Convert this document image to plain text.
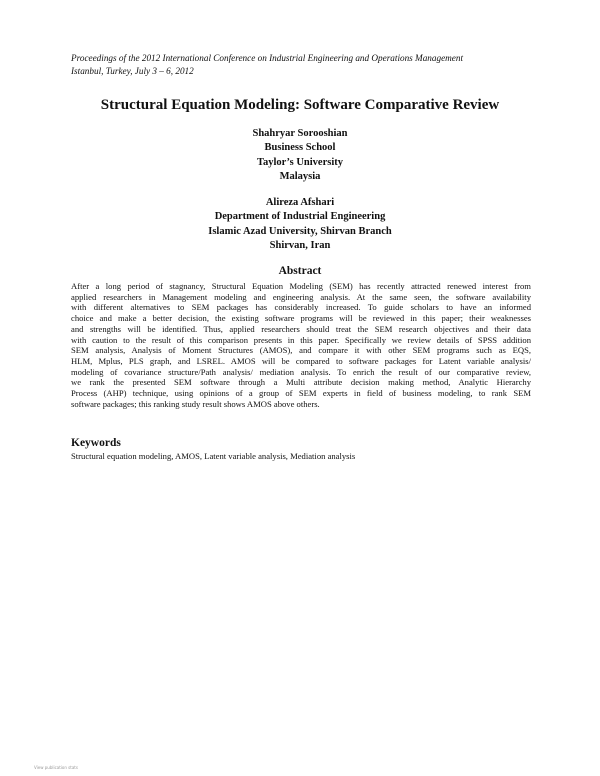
Proceedings of the 2012 International Conference on Industrial Engineering and Operations Management
Istanbul, Turkey, July 3 – 6, 2012
Structural Equation Modeling: Software Comparative Review
Shahryar Sorooshian
Business School
Taylor’s University
Malaysia
Alireza Afshari
Department of Industrial Engineering
Islamic Azad University, Shirvan Branch
Shirvan, Iran
Abstract
After a long period of stagnancy, Structural Equation Modeling (SEM) has recently attracted renewed interest from
applied researchers in Management modeling and engineering analysis. At the same seen, the software availability
with different alternatives to SEM packages has considerably increased. To guide scholars to have an informed
choice and make a better decision, the existing software programs will be reviewed in this paper; their weaknesses
and strengths will be identified. Thus, applied researchers should treat the SEM research objectives and their data
with caution to the result of this comparison presents in this paper. Specifically we review details of SPSS addition
SEM analysis, Analysis of Moment Structures (AMOS), and compare it with other SEM programs such as EQS,
HLM, Mplus, PLS graph, and LSREL. AMOS will be compared to software packages for Latent variable analysis/
modeling of covariance structure/Path analysis/ mediation analysis. To enrich the result of our comparative review,
we rank the presented SEM software through a Multi attribute decision making method, Analytic Hierarchy
Process (AHP) technique, using opinions of a group of SEM experts in field of business modeling, to rank SEM
software packages; this ranking study result shows AMOS above others.
Keywords
Structural equation modeling, AMOS, Latent variable analysis, Mediation analysis
View publication stats
